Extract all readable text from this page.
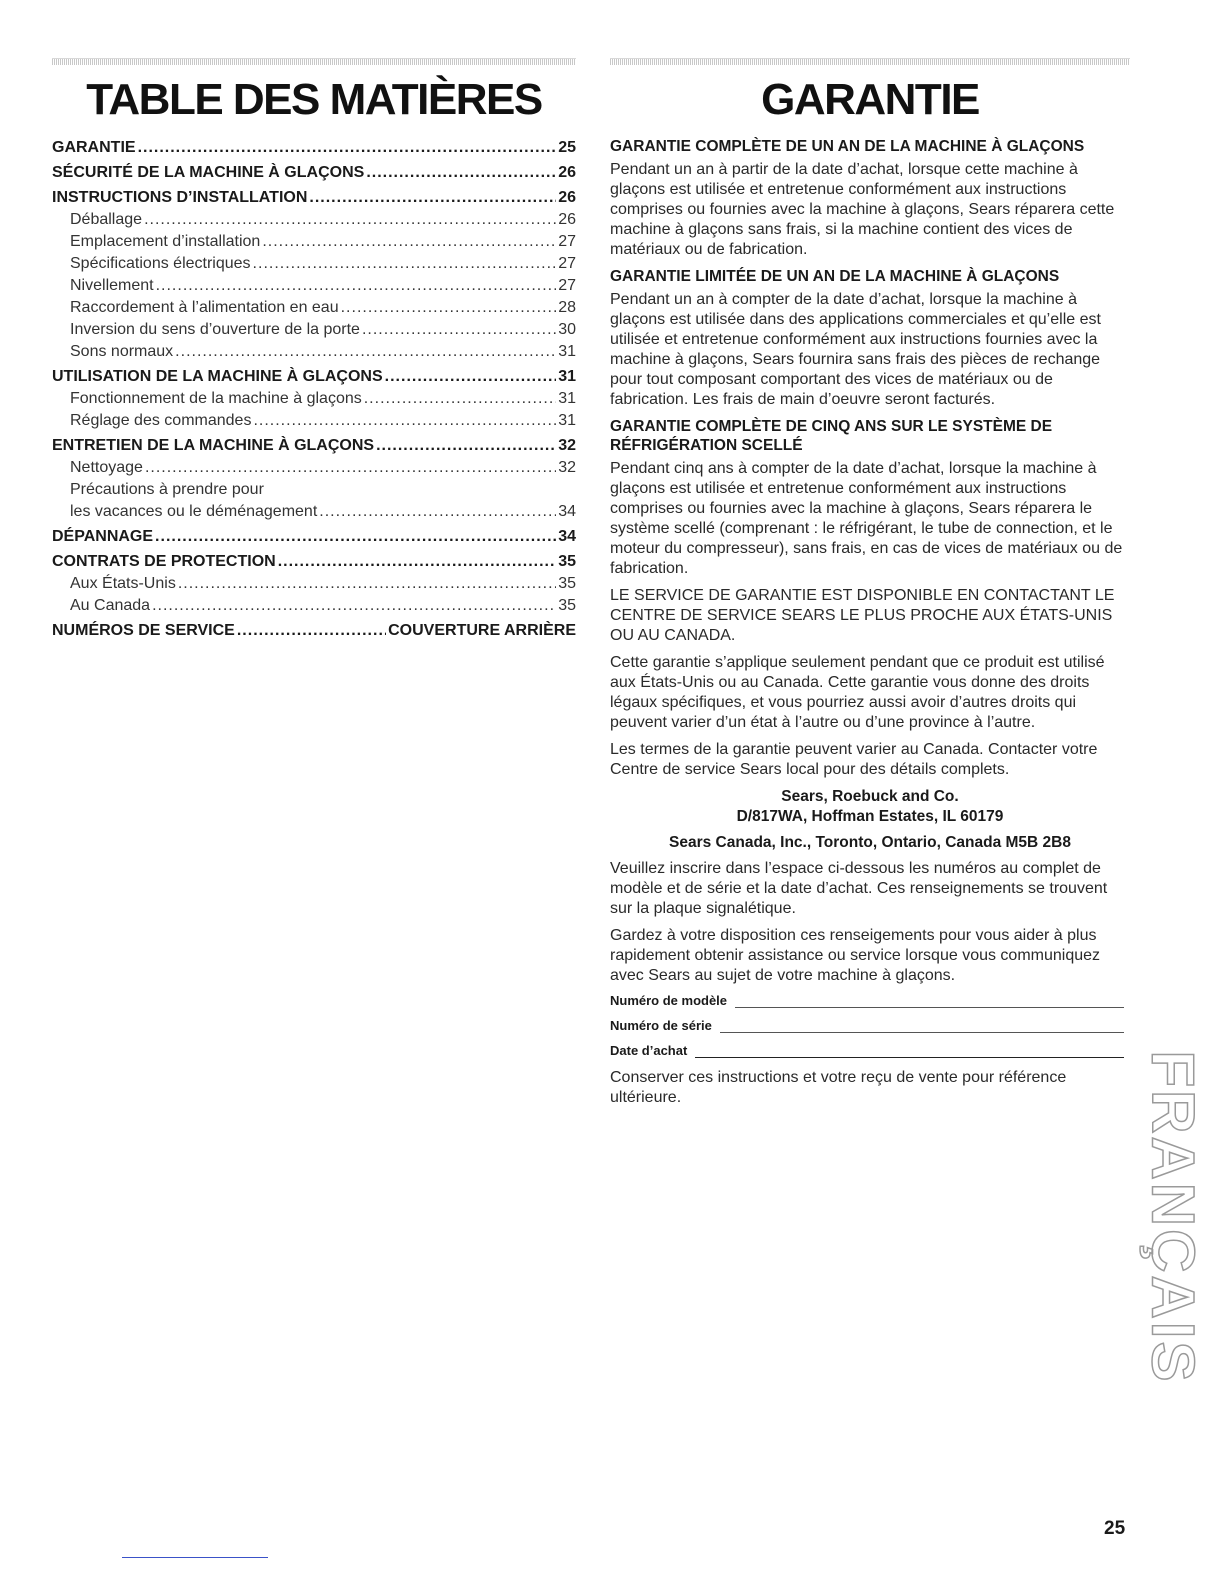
TABLE DES MATIÈRES
GARANTIE .....	25
SÉCURITÉ DE LA MACHINE À GLAÇONS .....	26
INSTRUCTIONS D’INSTALLATION .....	26
Déballage .....	26
Emplacement d’installation .....	27
Spécifications électriques .....	27
Nivellement .....	27
Raccordement à l’alimentation en eau .....	28
Inversion du sens d’ouverture de la porte .....	30
Sons normaux .....	31
UTILISATION DE LA MACHINE À GLAÇONS .....	31
Fonctionnement de la machine à glaçons .....	31
Réglage des commandes .....	31
ENTRETIEN DE LA MACHINE À GLAÇONS .....	32
Nettoyage .....	32
Précautions à prendre pour
les vacances ou le déménagement .....	34
DÉPANNAGE .....	34
CONTRATS DE PROTECTION .....	35
Aux États-Unis .....	35
Au Canada .....	35
NUMÉROS DE SERVICE .....	COUVERTURE ARRIÈRE
GARANTIE
GARANTIE COMPLÈTE DE UN AN DE LA MACHINE À GLAÇONS
Pendant un an à partir de la date d’achat, lorsque cette machine à glaçons est utilisée et entretenue conformément aux instructions comprises ou fournies avec la machine à glaçons, Sears réparera cette machine à glaçons sans frais, si la machine contient des vices de matériaux ou de fabrication.
GARANTIE LIMITÉE DE UN AN DE LA MACHINE À GLAÇONS
Pendant un an à compter de la date d’achat, lorsque la machine à glaçons est utilisée dans des applications commerciales et qu’elle est utilisée et entretenue conformément aux instructions fournies avec la machine à glaçons, Sears fournira sans frais des pièces de rechange pour tout composant comportant des vices de matériaux ou de fabrication. Les frais de main d’oeuvre seront facturés.
GARANTIE COMPLÈTE DE CINQ ANS SUR LE SYSTÈME DE RÉFRIGÉRATION SCELLÉ
Pendant cinq ans à compter de la date d’achat, lorsque la machine à glaçons est utilisée et entretenue conformément aux instructions comprises ou fournies avec la machine à glaçons, Sears réparera le système scellé (comprenant : le réfrigérant, le tube de connection, et le moteur du compresseur), sans frais, en cas de vices de matériaux ou de fabrication.
LE SERVICE DE GARANTIE EST DISPONIBLE EN CONTACTANT LE CENTRE DE SERVICE SEARS LE PLUS PROCHE AUX ÉTATS-UNIS OU AU CANADA.
Cette garantie s’applique seulement pendant que ce produit est utilisé aux États-Unis ou au Canada. Cette garantie vous donne des droits légaux spécifiques, et vous pourriez aussi avoir d’autres droits qui peuvent varier d’un état à l’autre ou d’une province à l’autre.
Les termes de la garantie peuvent varier au Canada. Contacter votre Centre de service Sears local pour des détails complets.
Sears, Roebuck and Co.
D/817WA, Hoffman Estates, IL 60179
Sears Canada, Inc., Toronto, Ontario, Canada M5B 2B8
Veuillez inscrire dans l’espace ci-dessous les numéros au complet de modèle et de série et la date d’achat. Ces renseignements se trouvent sur la plaque signalétique.
Gardez à votre disposition ces renseigements pour vous aider à plus rapidement obtenir assistance ou service lorsque vous communiquez avec Sears au sujet de votre machine à glaçons.
Numéro de modèle
Numéro de série
Date d’achat
Conserver ces instructions et votre reçu de vente pour référence ultérieure.	FRANÇAIS
25
